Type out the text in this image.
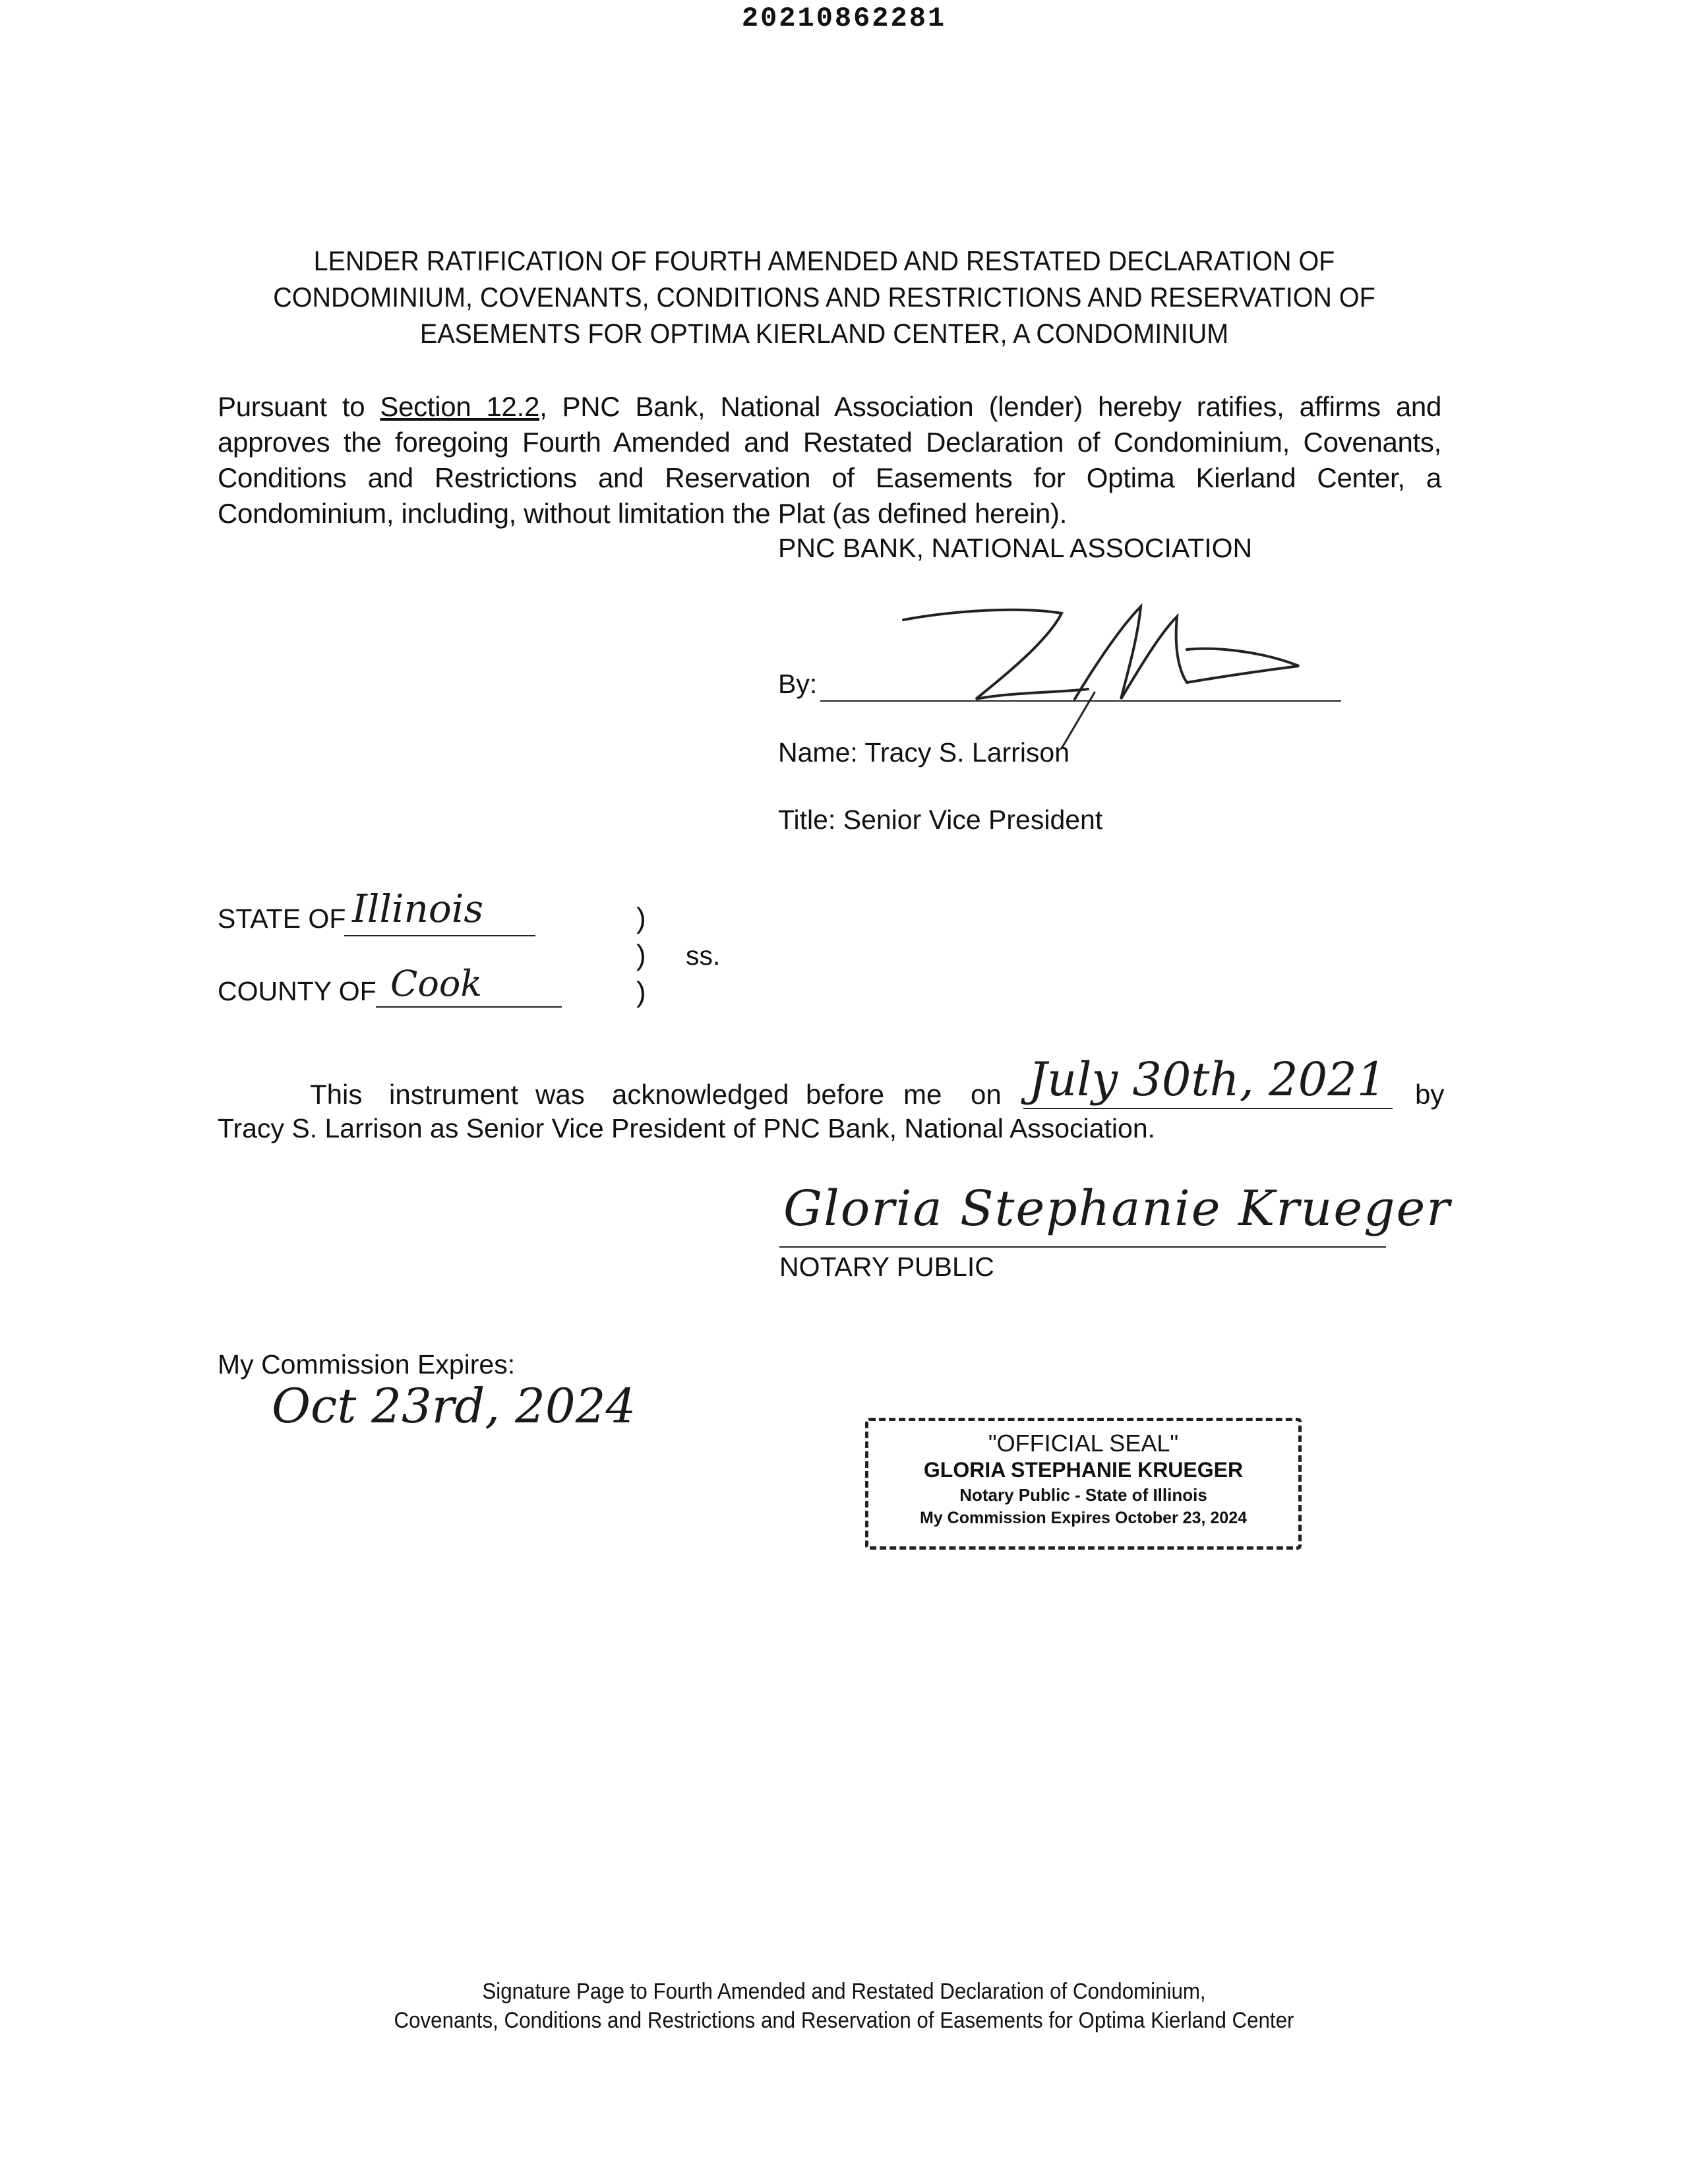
20210862281
LENDER RATIFICATION OF FOURTH AMENDED AND RESTATED DECLARATION OF
CONDOMINIUM, COVENANTS, CONDITIONS AND RESTRICTIONS AND RESERVATION OF
EASEMENTS FOR OPTIMA KIERLAND CENTER, A CONDOMINIUM
Pursuant to Section 12.2, PNC Bank, National Association (lender) hereby ratifies, affirms and approves the foregoing Fourth Amended and Restated Declaration of Condominium, Covenants, Conditions and Restrictions and Reservation of Easements for Optima Kierland Center, a Condominium, including, without limitation the Plat (as defined herein).
PNC BANK, NATIONAL ASSOCIATION
By:
Name: Tracy S. Larrison
Title: Senior Vice President
STATE OF Illinois
COUNTY OF Cook
)
)
)
ss.
This instrument was acknowledged before me on	by
July 30th, 2021
Tracy S. Larrison as Senior Vice President of PNC Bank, National Association.
Gloria Stephanie Krueger
NOTARY PUBLIC
My Commission Expires:
Oct 23rd, 2024
"OFFICIAL SEAL"
GLORIA STEPHANIE KRUEGER
Notary Public - State of Illinois
My Commission Expires October 23, 2024
Signature Page to Fourth Amended and Restated Declaration of Condominium,
Covenants, Conditions and Restrictions and Reservation of Easements for Optima Kierland Center
